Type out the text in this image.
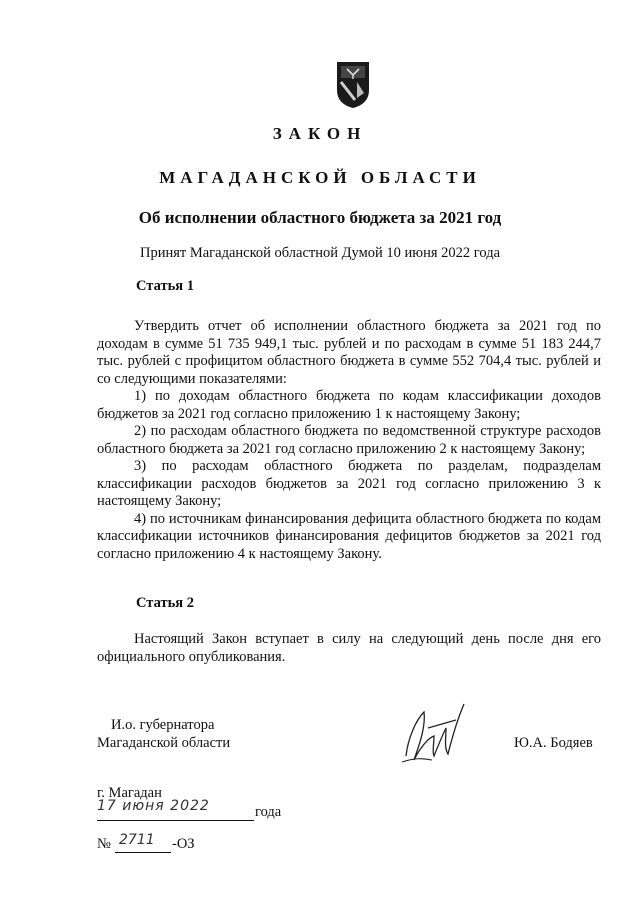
ЗАКОН
МАГАДАНСКОЙ ОБЛАСТИ
Об исполнении областного бюджета за 2021 год
Принят Магаданской областной Думой 10 июня 2022 года
Статья 1

Утвердить отчет об исполнении областного бюджета за 2021 год по доходам в сумме 51 735 949,1 тыс. рублей и по расходам в сумме 51 183 244,7 тыс. рублей с профицитом областного бюджета в сумме 552 704,4 тыс. рублей и со следующими показателями:

1) по доходам областного бюджета по кодам классификации доходов бюджетов за 2021 год согласно приложению 1 к настоящему Закону;

2) по расходам областного бюджета по ведомственной структуре расходов областного бюджета за 2021 год согласно приложению 2 к настоящему Закону;

3) по расходам областного бюджета по разделам, подразделам классификации расходов бюджетов за 2021 год согласно приложению 3 к настоящему Закону;

4) по источникам финансирования дефицита областного бюджета по кодам классификации источников финансирования дефицитов бюджетов за 2021 год согласно приложению 4 к настоящему Закону.

Статья 2

Настоящий Закон вступает в силу на следующий день после дня его официального опубликования.

И.о. губернатора
Магаданской области	Ю.А. Бодяев
г. Магадан
17 июня 2022	года
№ 2711 -ОЗ
